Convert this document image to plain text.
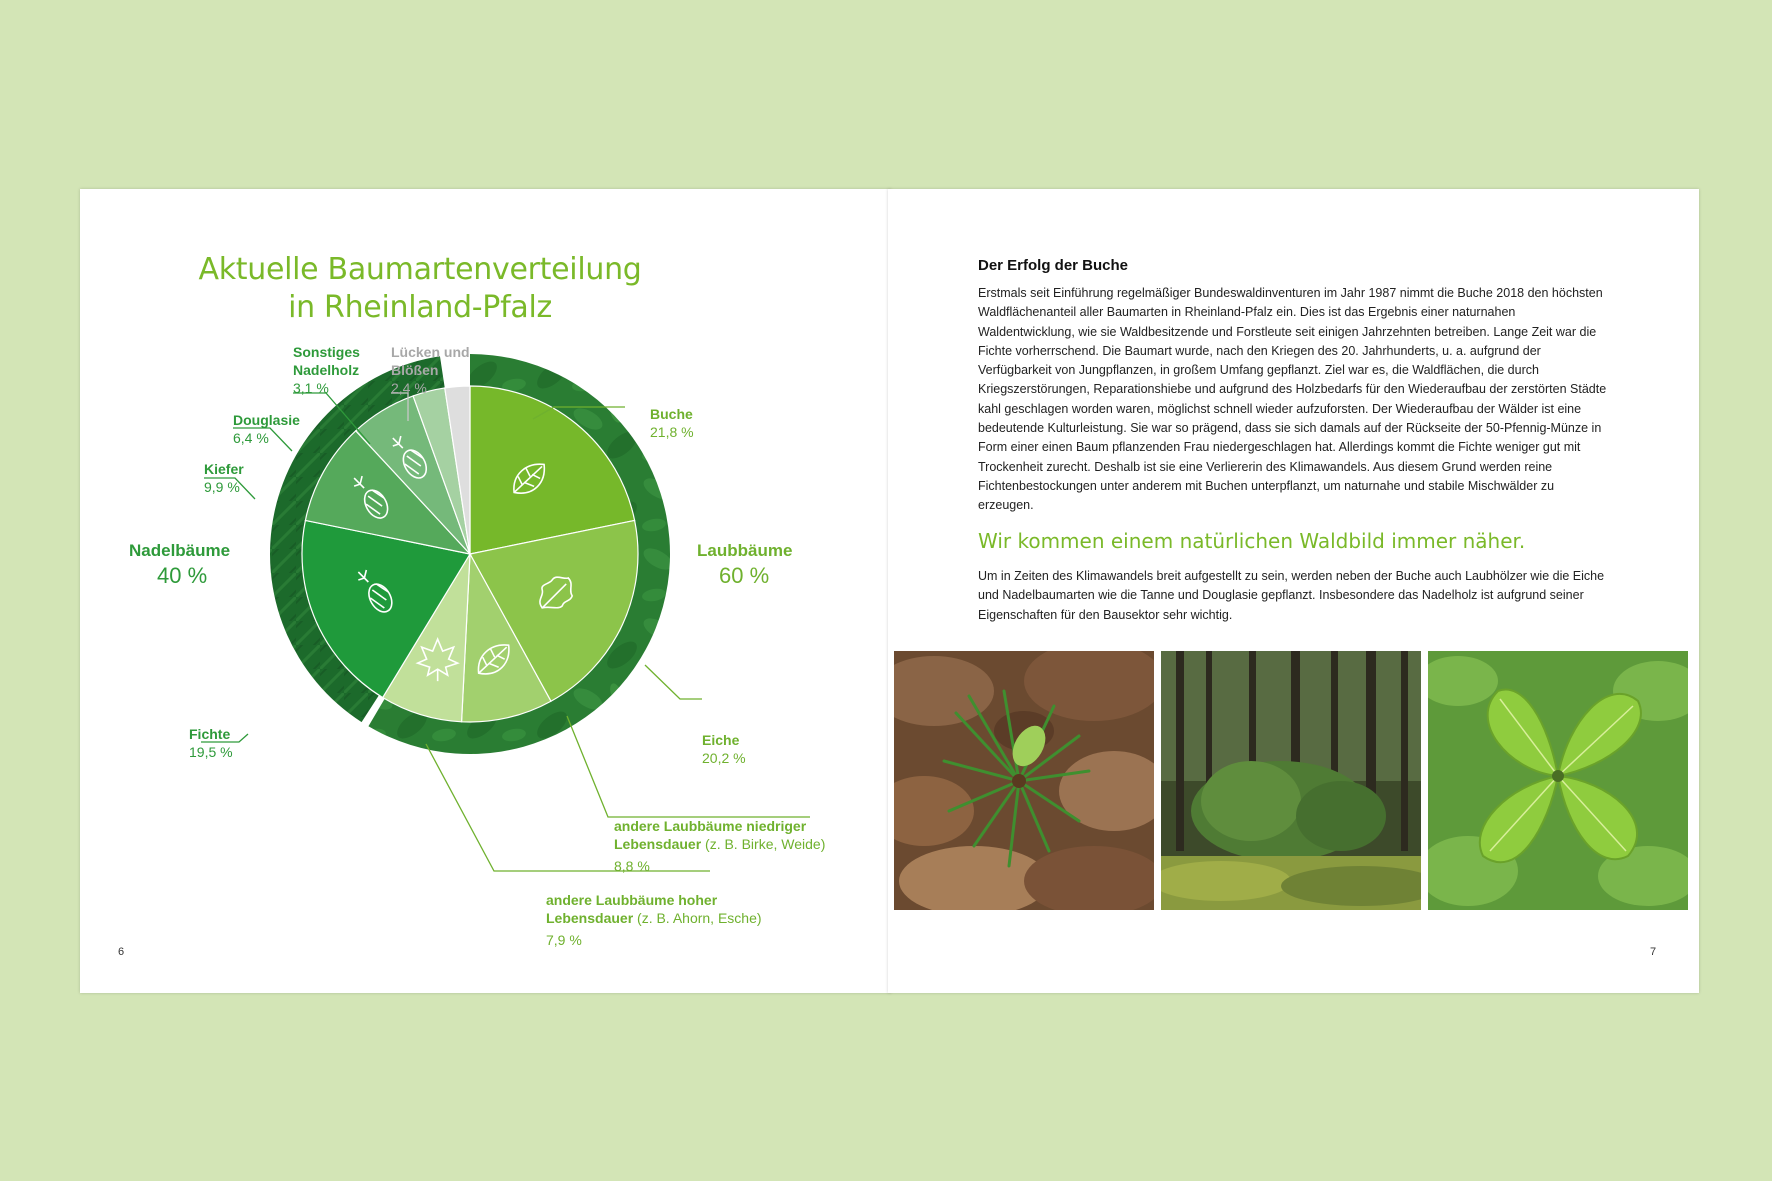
Aktuelle Baumartenverteilung
in Rheinland-Pfalz
Buche
21,8 %
Laubbäume
60 %
Eiche
20,2 %
andere Laubbäume niedriger
Lebensdauer (z. B. Birke, Weide)
8,8 %
andere Laubbäume hoher
Lebensdauer (z. B. Ahorn, Esche)
7,9 %
Fichte
19,5 %
Nadelbäume
40 %
Kiefer
9,9 %
Douglasie
6,4 %
Sonstiges
Nadelholz
3,1 %
Lücken und
Blößen
2,4 %
6
Der Erfolg der Buche
Erstmals seit Einführung regelmäßiger Bundeswaldinventuren im Jahr 1987 nimmt die Buche 2018 den höchsten Waldflächenanteil aller Baumarten in Rheinland-Pfalz ein. Dies ist das Ergebnis einer naturnahen Waldentwicklung, wie sie Waldbesitzende und Forstleute seit einigen Jahrzehnten betreiben. Lange Zeit war die Fichte vorherrschend. Die Baumart wurde, nach den Kriegen des 20. Jahrhunderts, u. a. aufgrund der Verfügbarkeit von Jungpflanzen, in großem Umfang gepflanzt. Ziel war es, die Waldflächen, die durch Kriegszerstörungen, Reparationshiebe und aufgrund des Holzbedarfs für den Wiederaufbau der zerstörten Städte kahl geschlagen worden waren, möglichst schnell wieder aufzuforsten. Der Wiederaufbau der Wälder ist eine bedeutende Kulturleistung. Sie war so prägend, dass sie sich damals auf der Rückseite der 50-Pfennig-Münze in Form einer einen Baum pflanzenden Frau niedergeschlagen hat. Allerdings kommt die Fichte weniger gut mit Trockenheit zurecht. Deshalb ist sie eine Verliererin des Klimawandels. Aus diesem Grund werden reine Fichtenbestockungen unter anderem mit Buchen unterpflanzt, um naturnahe und stabile Mischwälder zu erzeugen.
Wir kommen einem natürlichen Waldbild immer näher.
Um in Zeiten des Klimawandels breit aufgestellt zu sein, werden neben der Buche auch Laubhölzer wie die Eiche und Nadelbaumarten wie die Tanne und Douglasie gepflanzt. Insbesondere das Nadelholz ist aufgrund seiner Eigenschaften für den Bausektor sehr wichtig.
7
